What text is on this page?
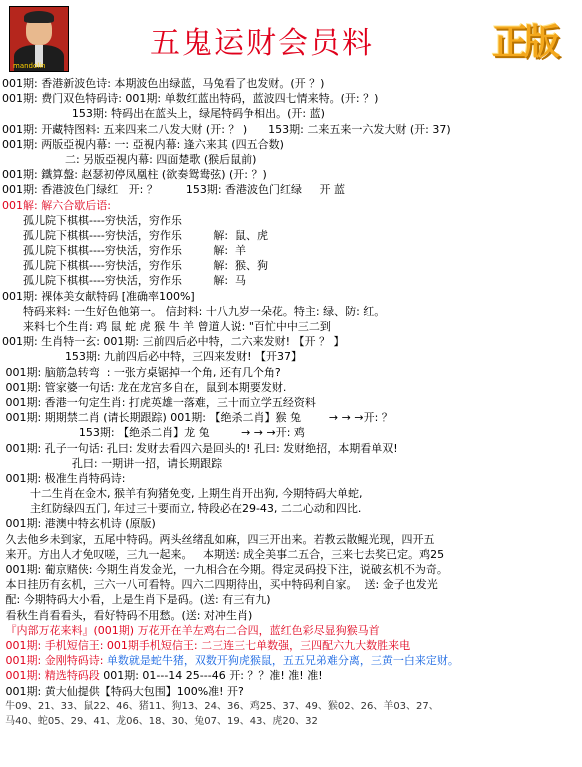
mandolin
五鬼运财会员料	正版
001期: 香港新波色诗: 本期波色出绿蓝，马兔看了也发财。(开 ？)
001期: 费门双色特码诗: 001期: 单数红蓝出特码，蓝波四七情来特。(开: ？)
153期: 特码出在蓝头上，绿尾特码争相出。(开: 蓝)
001期: 开藏特图料: 五来四来二八发大财 (开: ？ )      153期: 二来五来一六发大财 (开: 37)
001期: 两版亞視内幕: 一: 亞視内幕: 逢六来其 (四五合数)
二: 另版亞視内幕: 四面楚歌 (猴后鼠前)
001期: 鐵算盤: 赵瑟初停凤凰柱 (欲奏鸳鸯弦) (开: ？)
001期: 香港波色门绿红   开: ？        153期: 香港波色门红绿     开 蓝
001解: 解六合歇后语:
孤儿院下棋棋----穷快活，穷作乐
孤儿院下棋棋----穷快活，穷作乐         解:  鼠、虎
孤儿院下棋棋----穷快活，穷作乐         解:  羊
孤儿院下棋棋----穷快活，穷作乐         解:  猴、狗
孤儿院下棋棋----穷快活，穷作乐         解:  马
001期: 裸体美女献特码 [准确率100%]
特码来料: 一生好色他第一。 信封料: 十八九岁一朵花。特主: 绿、防: 红。
来料七个生肖: 鸡 鼠 蛇 虎 猴 牛 羊 曾道人说: "百忙中中三二到
001期: 生肖特一玄: 001期: 三前四后必中特，二六来发财! 【开 ？ 】
153期: 九前四后必中特，三四来发财! 【开37】
001期: 脑筋急转弯  : 一张方桌锯掉一个角, 还有几个角?
001期: 管家婆一句话: 龙在龙宫多自在，鼠到本期要发财.
001期: 香港一句定生肖: 打虎英雄一落难，三十而立学五经资料
001期: 期期禁二肖 (请长期跟踪) 001期: 【绝杀二肖】猴 兔        → → →开: ？
153期: 【绝杀二肖】龙 兔         → → →开: 鸡
001期: 孔子一句话: 孔曰: 发财去看四六是回头的! 孔曰: 发财绝招，本期看单双!
孔曰: 一期讲一招，请长期跟踪
001期: 极准生肖特码诗:
十二生肖在金木, 猴羊有狗猪免变, 上期生肖开出狗, 今期特码大单蛇,
主红防绿四五门, 年过三十要而立, 特段必在29-43, 二二心动和四比.
001期: 港澳中特玄机诗 (原版)
久去他乡未到家，五尾中特码。两头丝绪乱如麻，四三开出来。若教云散鲲光现，四开五
来开。方出人才免叹嗟，三九一起来。   本期送: 成全美事二五合，三来七去奖已定。鸡25
001期: 葡京赌侠: 今期生肖发金光，一九相合在今期。得定灵码投下注，说破玄机不为奇。
本日挂历有玄机，三六一八可看特。四六二四期待出，买中特码利自家。  送: 金子也发光
配: 今期特码大小看，上是生肖下是码。(送: 有三有九)
看秋生肖看看头，看好特码不用愁。(送: 对冲生肖)
『内部万花来料』(001期) 万花开在羊左鸡右二合四，蓝红色彩尽显狗猴马首
001期: 手机短信王: 001期手机短信王: 二三连三七单数强，三四配六九大数胜来电
001期: 金刚特码诗: 单数就是蛇牛猪，双数开狗虎猴鼠，五五兄弟难分离，三黄一白来定财。
001期: 精选特码段 001期: 01---14 25---46 开: ？？准! 准! 准!
001期: 黄大仙提供【特码大包围】100%准! 开?
牛09、21、33、鼠22、46、猪11、狗13、24、36、鸡25、37、49、猴02、26、羊03、27、
马40、蛇05、29、41、龙06、18、30、兔07、19、43、虎20、32
